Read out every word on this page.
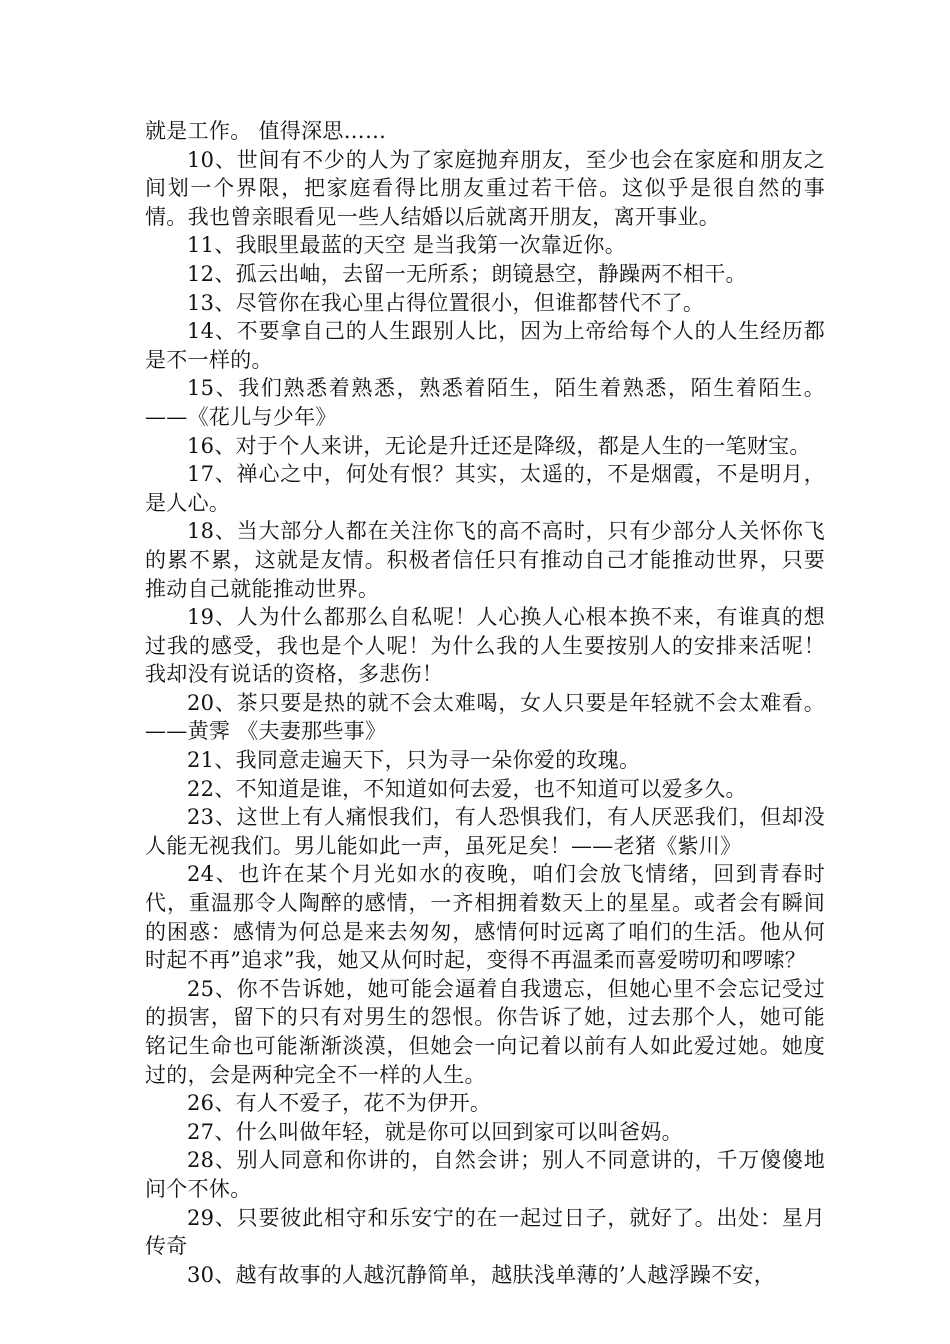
就是工作。 值得深思……

10、世间有不少的人为了家庭抛弃朋友，至少也会在家庭和朋友之间划一个界限，把家庭看得比朋友重过若干倍。这似乎是很自然的事情。我也曾亲眼看见一些人结婚以后就离开朋友，离开事业。

11、我眼里最蓝的天空 是当我第一次靠近你。

12、孤云出岫，去留一无所系；朗镜悬空，静躁两不相干。

13、尽管你在我心里占得位置很小，但谁都替代不了。

14、不要拿自己的人生跟别人比，因为上帝给每个人的人生经历都是不一样的。

15、我们熟悉着熟悉，熟悉着陌生，陌生着熟悉，陌生着陌生。——《花儿与少年》

16、对于个人来讲，无论是升迁还是降级，都是人生的一笔财宝。

17、禅心之中，何处有恨？其实，太遥的，不是烟霞，不是明月，是人心。

18、当大部分人都在关注你飞的高不高时，只有少部分人关怀你飞的累不累，这就是友情。积极者信任只有推动自己才能推动世界，只要推动自己就能推动世界。

19、人为什么都那么自私呢！人心换人心根本换不来，有谁真的想过我的感受，我也是个人呢！为什么我的人生要按别人的安排来活呢！我却没有说话的资格，多悲伤！

20、茶只要是热的就不会太难喝，女人只要是年轻就不会太难看。 ——黄霁 《夫妻那些事》

21、我同意走遍天下，只为寻一朵你爱的玫瑰。

22、不知道是谁，不知道如何去爱，也不知道可以爱多久。

23、这世上有人痛恨我们，有人恐惧我们，有人厌恶我们，但却没人能无视我们。男儿能如此一声，虽死足矣！——老猪《紫川》

24、也许在某个月光如水的夜晚，咱们会放飞情绪，回到青春时代，重温那令人陶醉的感情，一齐相拥着数天上的星星。或者会有瞬间的困惑：感情为何总是来去匆匆，感情何时远离了咱们的生活。他从何时起不再”追求”我，她又从何时起，变得不再温柔而喜爱唠叨和啰嗦？

25、你不告诉她，她可能会逼着自我遗忘，但她心里不会忘记受过的损害，留下的只有对男生的怨恨。你告诉了她，过去那个人，她可能铭记生命也可能渐渐淡漠，但她会一向记着以前有人如此爱过她。她度过的，会是两种完全不一样的人生。

26、有人不爱子，花不为伊开。

27、什么叫做年轻，就是你可以回到家可以叫爸妈。

28、别人同意和你讲的，自然会讲；别人不同意讲的，千万傻傻地问个不休。

29、只要彼此相守和乐安宁的在一起过日子，就好了。出处：星月传奇

30、越有故事的人越沉静简单，越肤浅单薄的’人越浮躁不安，
